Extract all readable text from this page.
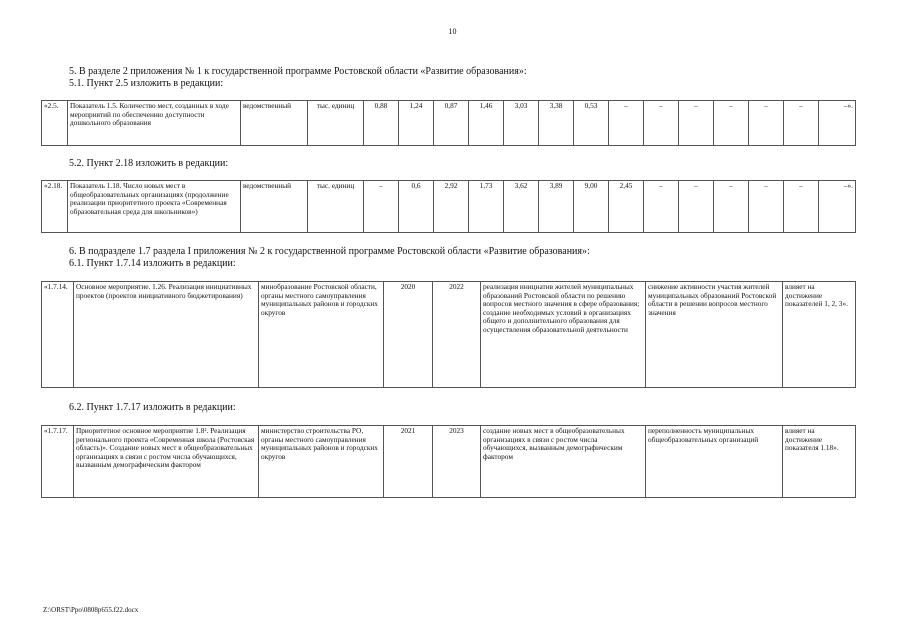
10
5. В разделе 2 приложения № 1 к государственной программе Ростовской области «Развитие образования»:
5.1. Пункт 2.5 изложить в редакции:
«2.5.	Показатель 1.5. Количество мест, созданных в ходе мероприятий по обеспечению доступности дошкольного образования	ведомственный	тыс. единиц	0,88	1,24	0,87	1,46	3,03	3,38	0,53	–	–	–	–	–	–	–».
5.2. Пункт 2.18 изложить в редакции:
«2.18.	Показатель 1.18. Число новых мест в общеобразовательных организациях (продолжение реализации приоритетного проекта «Современная образовательная среда для школьников»)	ведомственный	тыс. единиц	–	0,6	2,92	1,73	3,62	3,89	9,00	2,45	–	–	–	–	–	–».
6. В подразделе 1.7 раздела I приложения № 2 к государственной программе Ростовской области «Развитие образования»:
6.1. Пункт 1.7.14 изложить в редакции:
«1.7.14.	Основное мероприятие. 1.26. Реализация инициативных проектов (проектов инициативного бюджетирования)	минобразование Ростовской области, органы местного самоуправления муниципальных районов и городских округов	2020	2022	реализация инициатив жителей муниципальных образований Ростовской области по решению вопросов местного значения в сфере образования; создание необходимых условий в организациях общего и дополнительного образования для осуществления образовательной деятельности	снижение активности участия жителей муниципальных образований Ростовской области в решении вопросов местного значения	влияет на достижение показателей 1, 2, 3».
6.2. Пункт 1.7.17 изложить в редакции:
«1.7.17.	Приоритетное основное мероприятие 1.8². Реализация регионального проекта «Современная школа (Ростовская область)». Создание новых мест в общеобразовательных организациях в связи с ростом числа обучающихся, вызванным демографическим фактором	министерство строительства РО, органы местного самоуправления муниципальных районов и городских округов	2021	2023	создание новых мест в общеобразовательных организациях в связи с ростом числа обучающихся, вызванным демографическим фактором	переполненность муниципальных общеобразовательных организаций	влияет на достижение показателя 1.18».
Z:\ORST\Ppo\0808p655.f22.docx
